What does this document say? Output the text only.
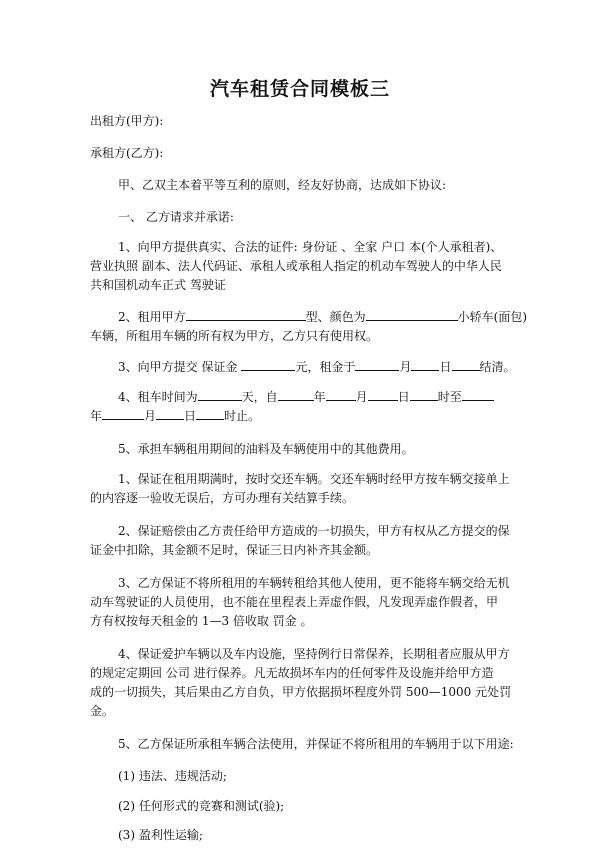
汽车租赁合同模板三
出租方(甲方):
承租方(乙方):
甲、乙双主本着平等互利的原则，经友好协商，达成如下协议:
一、 乙方请求并承诺:
1、向甲方提供真实、合法的证件: 身份证 、全家 户口 本(个人承租者)、
营业执照 副本、法人代码证、承租人或承租人指定的机动车驾驶人的中华人民
共和国机动车正式 驾驶证
2、租用甲方	型、颜色为	小轿车(面包)
车辆，所租用车辆的所有权为甲方，乙方只有使用权。
3、向甲方提交 保证金	元，租金于	月 日 结清。
4、租车时间为	天，自	年	月	日 时至
年	月 日 时止。
5、承担车辆租用期间的油料及车辆使用中的其他费用。
1、保证在租用期满时，按时交还车辆。交还车辆时经甲方按车辆交接单上
的内容逐一验收无误后，方可办理有关结算手续。
2、保证赔偿由乙方责任给甲方造成的一切损失，甲方有权从乙方提交的保
证金中扣除，其金额不足时，保证三日内补齐其金额。
3、乙方保证不将所租用的车辆转租给其他人使用，更不能将车辆交给无机
动车驾驶证的人员使用，也不能在里程表上弄虚作假，凡发现弄虚作假者，甲
方有权按每天租金的 1—3 倍收取 罚金 。
4、保证爱护车辆以及车内设施，坚持例行日常保养，长期租者应服从甲方
的规定定期回 公司 进行保养。凡无故损坏车内的任何零件及设施并给甲方造
成的一切损失，其后果由乙方自负，甲方依据损坏程度外罚 500—1000 元处罚
金。
5、乙方保证所承租车辆合法使用，并保证不将所租用的车辆用于以下用途:
(1) 违法、违规活动;
(2) 任何形式的竞赛和测试(验);
(3) 盈利性运输;
